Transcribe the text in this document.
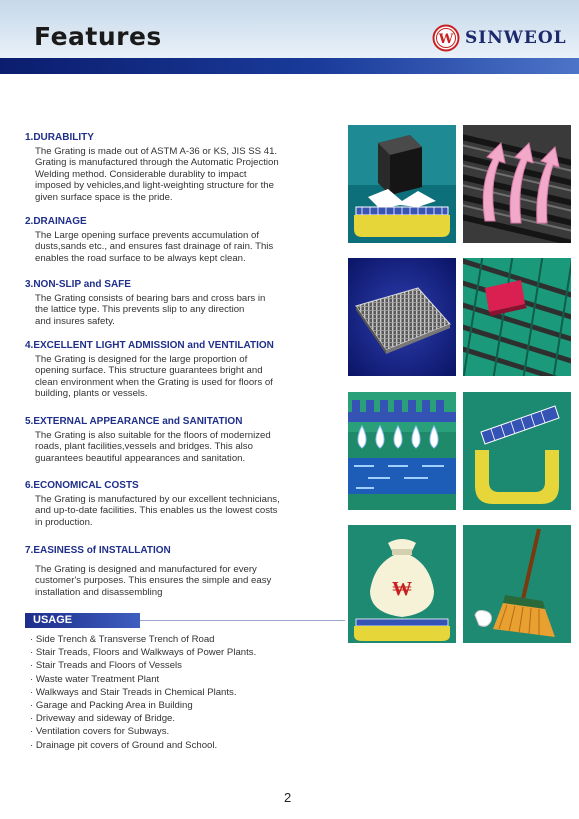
Features	W SINWEOL
1.DURABILITY
The Grating is made out of ASTM A-36 or KS, JIS SS 41.
Grating is manufactured through the Automatic Projection
Welding method. Considerable durablity to impact
imposed by vehicles,and light-weighting structure for the
given surface space is the pride.
2.DRAINAGE
The Large opening surface prevents accumulation of
dusts,sands etc., and ensures fast drainage of rain. This
enables the road surface to be always kept clean.
3.NON-SLIP and SAFE
The Grating consists of bearing bars and cross bars in
the lattice type. This prevents slip to any direction
and insures safety.
4.EXCELLENT LIGHT ADMISSION and VENTILATION
The Grating is designed for the large proportion of
opening surface. This structure guarantees bright and
clean environment when the Grating is used for floors of
building, plants or vessels.
5.EXTERNAL APPEARANCE and SANITATION
The Grating is also suitable for the floors of modernized
roads, plant facilities,vessels and bridges. This also
guarantees beautiful appearances and sanitation.
6.ECONOMICAL COSTS
The Grating is manufactured by our excellent technicians,
and up-to-date facilities. This enables us the lowest costs
in production.
7.EASINESS of INSTALLATION
The Grating is designed and manufactured for every
customer's purposes. This ensures the simple and easy
installation and disassembling
USAGE
· Side Trench & Transverse Trench of Road
· Stair Treads, Floors and Walkways of Power Plants.
· Stair Treads and Floors of Vessels
· Waste water Treatment Plant
· Walkways and Stair Treads in Chemical Plants.
· Garage and Packing Area in Building
· Driveway and sideway of Bridge.
· Ventilation covers for Subways.
· Drainage pit covers of Ground and School.
₩
2
